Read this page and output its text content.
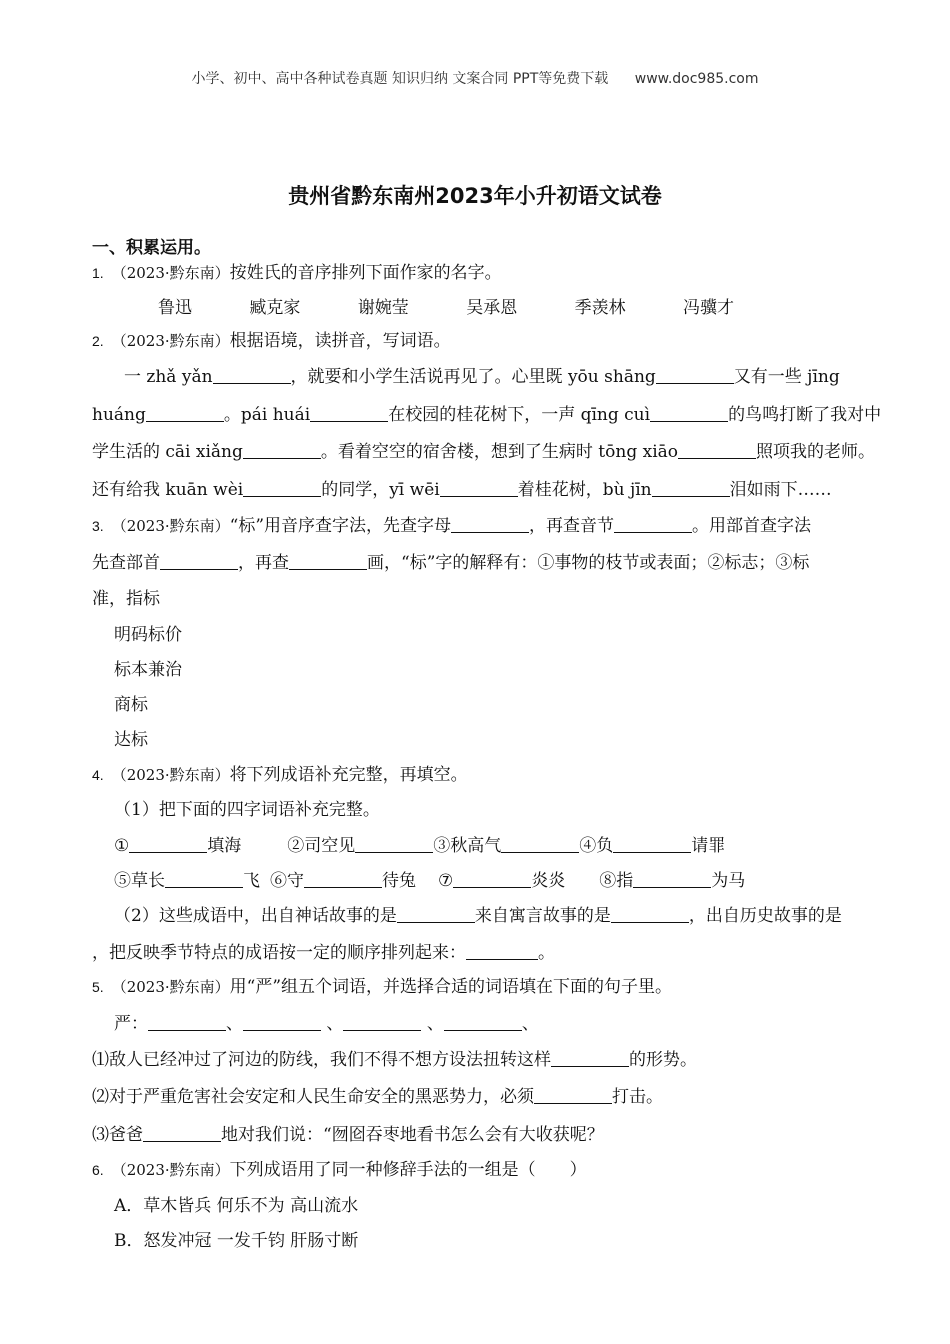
小学、初中、高中各种试卷真题 知识归纳 文案合同 PPT等免费下载 www.doc985.com
贵州省黔东南州2023年小升初语文试卷
一、积累运用。
1. （2023·黔东南）按姓氏的音序排列下面作家的名字。
鲁迅	臧克家	谢婉莹	吴承恩	季羡林	冯骥才
2. （2023·黔东南）根据语境，读拼音，写词语。
一 zhǎ yǎn	，就要和小学生活说再见了。心里既 yōu shāng	又有一些 jīng
huáng	。pái huái	在校园的桂花树下，一声 qīng cuì	的鸟鸣打断了我对中
学生活的 cāi xiǎng	。看着空空的宿舍楼，想到了生病时 tōng xiāo	照项我的老师。
还有给我 kuān wèi	的同学，yī wēi	着桂花树，bù jīn	泪如雨下……
3. （2023·黔东南）“标”用音序查字法，先查字母	，再查音节	。用部首查字法
先查部首	，再查	画，“标”字的解释有：①事物的枝节或表面；②标志；③标
准，指标
明码标价
标本兼治
商标
达标
4. （2023·黔东南）将下列成语补充完整，再填空。
（1）把下面的四字词语补充完整。
①	填海	②司空见	③秋高气	④负	请罪
⑤草长	飞 ⑥守	待兔 ⑦	炎炎 ⑧指	为马
（2）这些成语中，出自神话故事的是	来自寓言故事的是	，出自历史故事的是
，把反映季节特点的成语按一定的顺序排列起来：	。
5. （2023·黔东南）用“严”组五个词语，并选择合适的词语填在下面的句子里。
严：	、	、	、	、
⑴敌人已经冲过了河边的防线，我们不得不想方设法扭转这样	的形势。
⑵对于严重危害社会安定和人民生命安全的黑恶势力，必须	打击。
⑶爸爸	地对我们说：“囫囵吞枣地看书怎么会有大收获呢？
6. （2023·黔东南）下列成语用了同一种修辞手法的一组是（　　）
A．草木皆兵 何乐不为 高山流水
B．怒发冲冠 一发千钧 肝肠寸断
